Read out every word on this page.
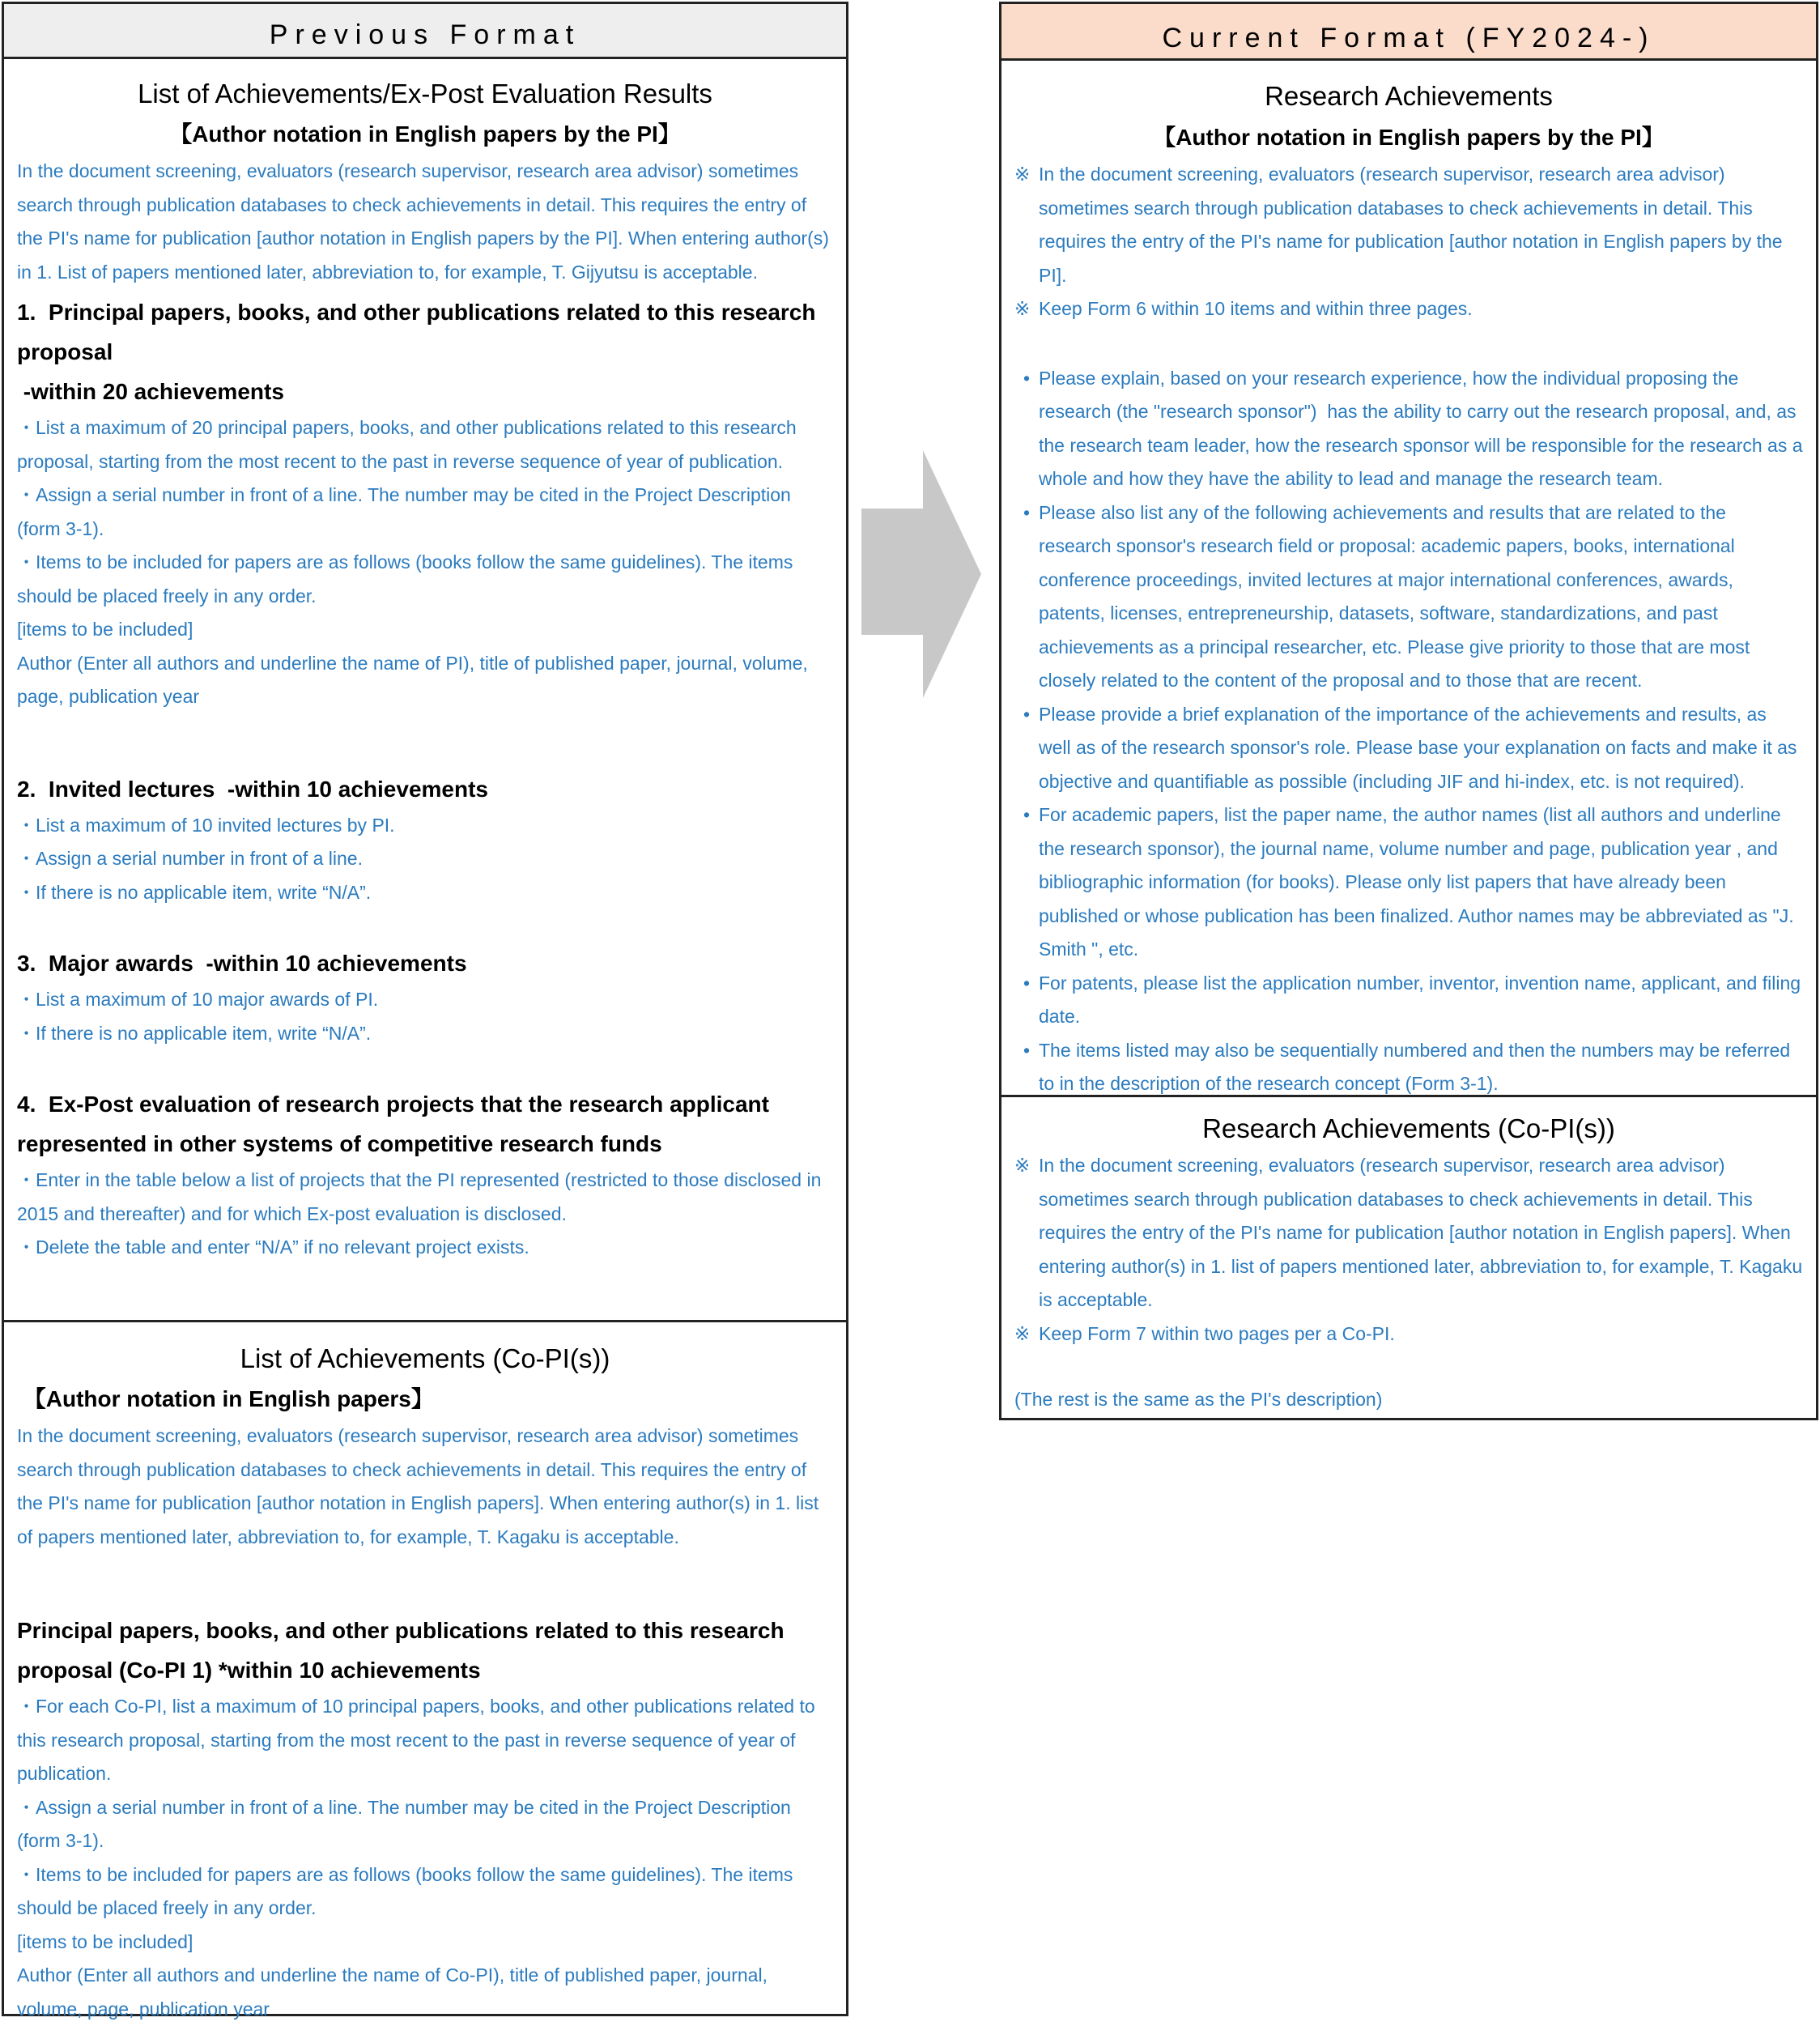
Previous Format

List of Achievements/Ex-Post Evaluation Results

【Author notation in English papers by the PI】

In the document screening, evaluators (research supervisor, research area advisor) sometimes search through publication databases to check achievements in detail. This requires the entry of the PI's name for publication [author notation in English papers by the PI]. When entering author(s) in 1. List of papers mentioned later, abbreviation to, for example, T. Gijyutsu is acceptable.

1.  Principal papers, books, and other publications related to this research proposal

-within 20 achievements

・List a maximum of 20 principal papers, books, and other publications related to this research proposal, starting from the most recent to the past in reverse sequence of year of publication.

・Assign a serial number in front of a line. The number may be cited in the Project Description (form 3-1).

・Items to be included for papers are as follows (books follow the same guidelines). The items should be placed freely in any order.

[items to be included]

Author (Enter all authors and underline the name of PI), title of published paper, journal, volume, page, publication year

2.  Invited lectures  -within 10 achievements

・List a maximum of 10 invited lectures by PI.

・Assign a serial number in front of a line.

・If there is no applicable item, write “N/A”.

3.  Major awards  -within 10 achievements

・List a maximum of 10 major awards of PI.

・If there is no applicable item, write “N/A”.

4.  Ex-Post evaluation of research projects that the research applicant represented in other systems of competitive research funds

・Enter in the table below a list of projects that the PI represented (restricted to those disclosed in 2015 and thereafter) and for which Ex-post evaluation is disclosed.

・Delete the table and enter “N/A” if no relevant project exists.

List of Achievements (Co-PI(s))

【Author notation in English papers】

In the document screening, evaluators (research supervisor, research area advisor) sometimes search through publication databases to check achievements in detail. This requires the entry of the PI's name for publication [author notation in English papers]. When entering author(s) in 1. list of papers mentioned later, abbreviation to, for example, T. Kagaku is acceptable.

Principal papers, books, and other publications related to this research proposal (Co-PI 1) *within 10 achievements

・For each Co-PI, list a maximum of 10 principal papers, books, and other publications related to this research proposal, starting from the most recent to the past in reverse sequence of year of publication.

・Assign a serial number in front of a line. The number may be cited in the Project Description (form 3-1).

・Items to be included for papers are as follows (books follow the same guidelines). The items should be placed freely in any order.

[items to be included]

Author (Enter all authors and underline the name of Co-PI), title of published paper, journal, volume, page, publication year

Current Format (FY2024-)

Research Achievements

【Author notation in English papers by the PI】

※ In the document screening, evaluators (research supervisor, research area advisor) sometimes search through publication databases to check achievements in detail. This requires the entry of the PI's name for publication [author notation in English papers by the PI].

※ Keep Form 6 within 10 items and within three pages.

• Please explain, based on your research experience, how the individual proposing the research (the "research sponsor")  has the ability to carry out the research proposal, and, as the research team leader, how the research sponsor will be responsible for the research as a whole and how they have the ability to lead and manage the research team.

• Please also list any of the following achievements and results that are related to the research sponsor's research field or proposal: academic papers, books, international conference proceedings, invited lectures at major international conferences, awards, patents, licenses, entrepreneurship, datasets, software, standardizations, and past achievements as a principal researcher, etc. Please give priority to those that are most closely related to the content of the proposal and to those that are recent.

• Please provide a brief explanation of the importance of the achievements and results, as well as of the research sponsor's role. Please base your explanation on facts and make it as objective and quantifiable as possible (including JIF and hi-index, etc. is not required).

• For academic papers, list the paper name, the author names (list all authors and underline the research sponsor), the journal name, volume number and page, publication year , and bibliographic information (for books). Please only list papers that have already been published or whose publication has been finalized. Author names may be abbreviated as "J. Smith ", etc.

• For patents, please list the application number, inventor, invention name, applicant, and filing date.

• The items listed may also be sequentially numbered and then the numbers may be referred to in the description of the research concept (Form 3-1).

Research Achievements (Co-PI(s))

※ In the document screening, evaluators (research supervisor, research area advisor) sometimes search through publication databases to check achievements in detail. This requires the entry of the PI's name for publication [author notation in English papers]. When entering author(s) in 1. list of papers mentioned later, abbreviation to, for example, T. Kagaku is acceptable.

※ Keep Form 7 within two pages per a Co-PI.

(The rest is the same as the PI's description)
